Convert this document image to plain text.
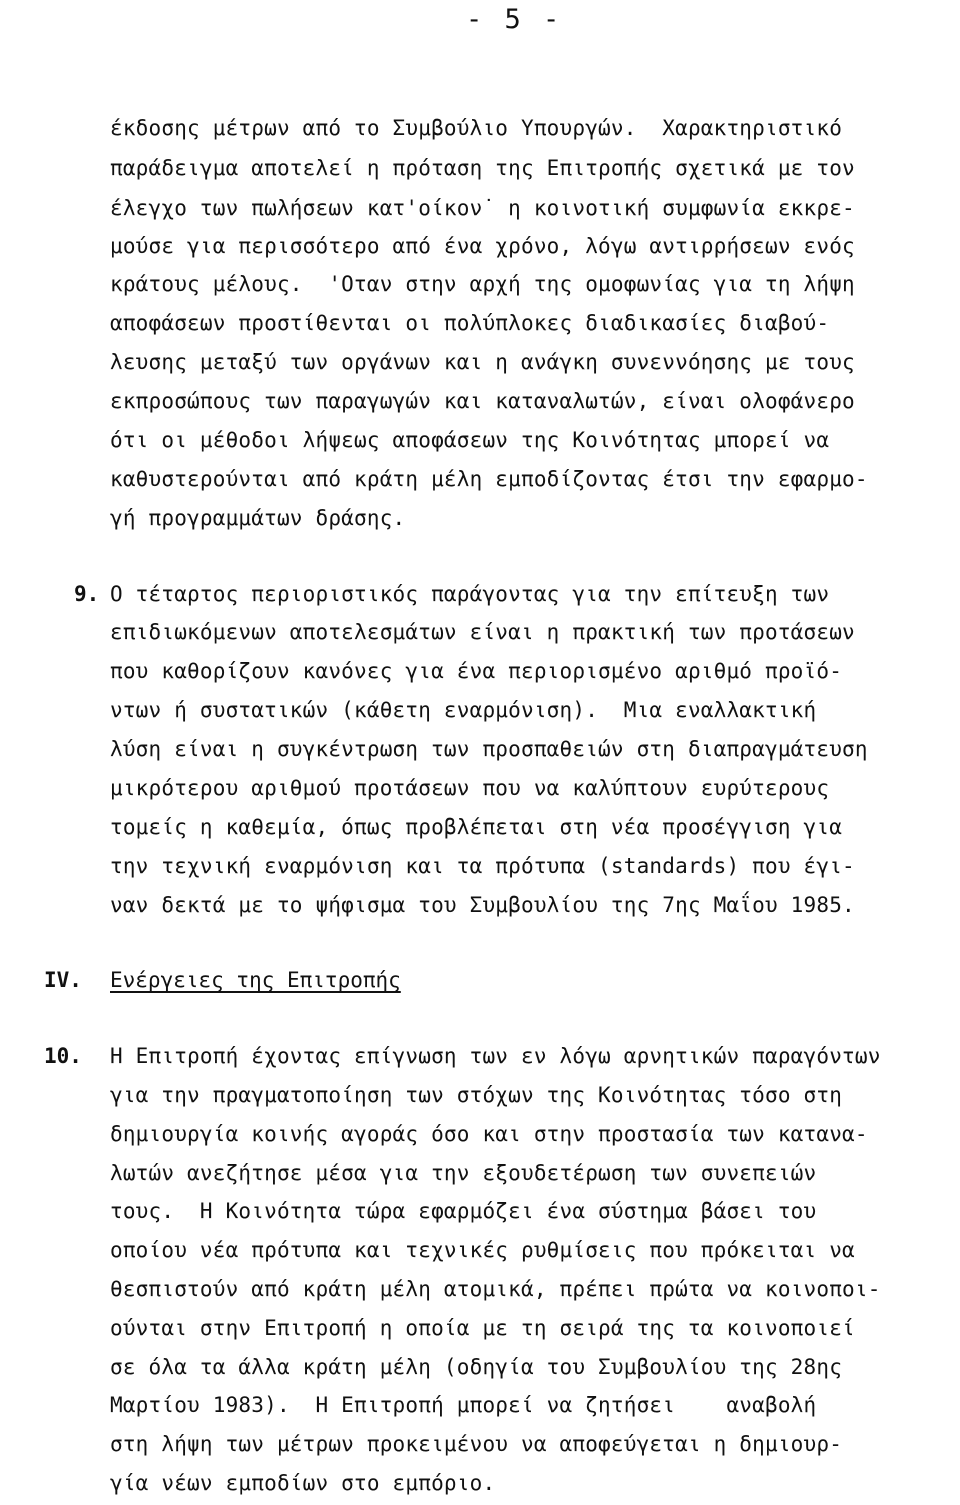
- 5 -
έκδοσης μέτρων από το Συμβούλιο Υπουργών.  Χαρακτηριστικό
παράδειγμα αποτελεί η πρόταση της Επιτροπής σχετικά με τον
έλεγχο των πωλήσεων κατ'οίκον˙ η κοινοτική συμφωνία εκκρε-
μούσε για περισσότερο από ένα χρόνο, λόγω αντιρρήσεων ενός
κράτους μέλους.  'Οταν στην αρχή της ομοφωνίας για τη λήψη
αποφάσεων προστίθενται οι πολύπλοκες διαδικασίες διαβού-
λευσης μεταξύ των οργάνων και η ανάγκη συνεννόησης με τους
εκπροσώπους των παραγωγών και καταναλωτών, είναι ολοφάνερο
ότι οι μέθοδοι λήψεως αποφάσεων της Κοινότητας μπορεί να
καθυστερούνται από κράτη μέλη εμποδίζοντας έτσι την εφαρμο-
γή προγραμμάτων δράσης.
9. Ο τέταρτος περιοριστικός παράγοντας για την επίτευξη των
επιδιωκόμενων αποτελεσμάτων είναι η πρακτική των προτάσεων
που καθορίζουν κανόνες για ένα περιορισμένο αριθμό προϊό-
ντων ή συστατικών (κάθετη εναρμόνιση).  Μια εναλλακτική
λύση είναι η συγκέντρωση των προσπαθειών στη διαπραγμάτευση
μικρότερου αριθμού προτάσεων που να καλύπτουν ευρύτερους
τομείς η καθεμία, όπως προβλέπεται στη νέα προσέγγιση για
την τεχνική εναρμόνιση και τα πρότυπα (standards) που έγι-
ναν δεκτά με το ψήφισμα του Συμβουλίου της 7ης Μαΐου 1985.
IV. Ενέργειες της Επιτροπής
10. Η Επιτροπή έχοντας επίγνωση των εν λόγω αρνητικών παραγόντων
για την πραγματοποίηση των στόχων της Κοινότητας τόσο στη
δημιουργία κοινής αγοράς όσο και στην προστασία των κατανα-
λωτών ανεζήτησε μέσα για την εξουδετέρωση των συνεπειών
τους.  Η Κοινότητα τώρα εφαρμόζει ένα σύστημα βάσει του
οποίου νέα πρότυπα και τεχνικές ρυθμίσεις που πρόκειται να
θεσπιστούν από κράτη μέλη ατομικά, πρέπει πρώτα να κοινοποι-
ούνται στην Επιτροπή η οποία με τη σειρά της τα κοινοποιεί
σε όλα τα άλλα κράτη μέλη (οδηγία του Συμβουλίου της 28ης
Μαρτίου 1983).  Η Επιτροπή μπορεί να ζητήσει    αναβολή
στη λήψη των μέτρων προκειμένου να αποφεύγεται η δημιουρ-
γία νέων εμποδίων στο εμπόριο.
